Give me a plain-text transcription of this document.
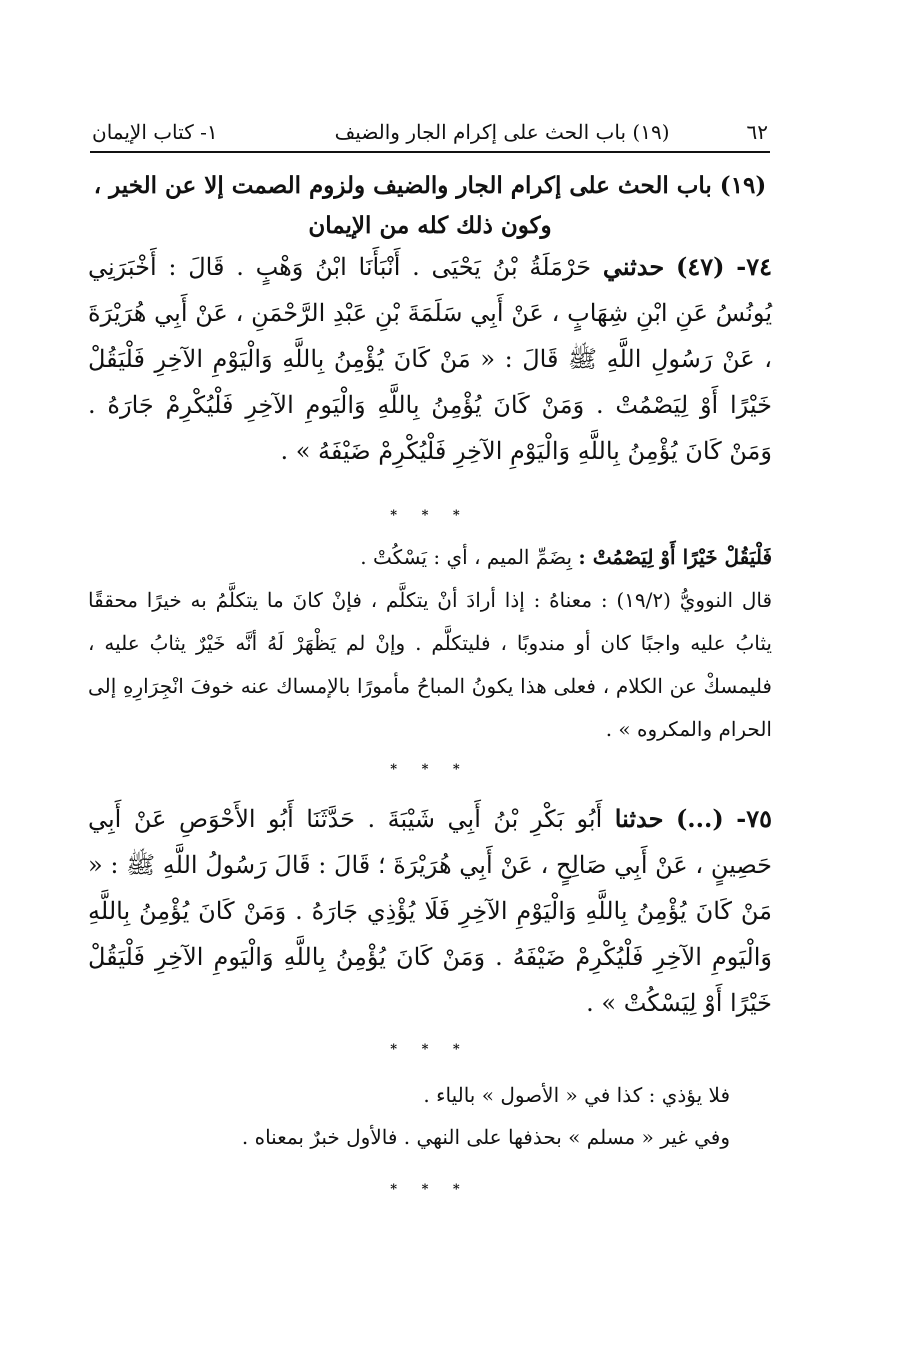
٦٢
(١٩) باب الحث على إكرام الجار والضيف
١- كتاب الإيمان
(١٩) باب الحث على إكرام الجار والضيف ولزوم الصمت إلا عن الخير ،
وكون ذلك كله من الإيمان
٧٤- (٤٧) حدثني حَرْمَلَةُ بْنُ يَحْيَى . أَنْبَأَنَا ابْنُ وَهْبٍ . قَالَ : أَخْبَرَنِي يُونُسُ عَنِ ابْنِ شِهَابٍ ، عَنْ أَبِي سَلَمَةَ بْنِ عَبْدِ الرَّحْمَنِ ، عَنْ أَبِي هُرَيْرَةَ ، عَنْ رَسُولِ اللَّهِ ﷺ قَالَ : « مَنْ كَانَ يُؤْمِنُ بِاللَّهِ وَالْيَوْمِ الآخِرِ فَلْيَقُلْ خَيْرًا أَوْ لِيَصْمُتْ . وَمَنْ كَانَ يُؤْمِنُ بِاللَّهِ وَالْيَومِ الآخِرِ فَلْيُكْرِمْ جَارَهُ . وَمَنْ كَانَ يُؤْمِنُ بِاللَّهِ وَالْيَوْمِ الآخِرِ فَلْيُكْرِمْ ضَيْفَهُ » .
* * *
فَلْيَقُلْ خَيْرًا أَوْ لِيَصْمُتْ : بِضَمِّ الميم ، أي : يَسْكُتْ .
قال النوويُّ (١٩/٢) : معناهُ : إذا أرادَ أنْ يتكلَّم ، فإنْ كانَ ما يتكلَّمُ به خيرًا محققًا يثابُ عليه واجبًا كان أو مندوبًا ، فليتكلَّم . وإنْ لم يَظْهَرْ لَهُ أنَّه خَيْرٌ يثابُ عليه ، فليمسكْ عن الكلام ، فعلى هذا يكونُ المباحُ مأمورًا بالإمساك عنه خوفَ انْجِرَارِهِ إلى الحرام والمكروه » .
* * *
٧٥- (...) حدثنا أَبُو بَكْرِ بْنُ أَبِي شَيْبَةَ . حَدَّثَنَا أَبُو الأَحْوَصِ عَنْ أَبِي حَصِينٍ ، عَنْ أَبِي صَالِحٍ ، عَنْ أَبِي هُرَيْرَةَ ؛ قَالَ : قَالَ رَسُولُ اللَّهِ ﷺ : « مَنْ كَانَ يُؤْمِنُ بِاللَّهِ وَالْيَوْمِ الآخِرِ فَلَا يُؤْذِي جَارَهُ . وَمَنْ كَانَ يُؤْمِنُ بِاللَّهِ وَالْيَومِ الآخِرِ فَلْيُكْرِمْ ضَيْفَهُ . وَمَنْ كَانَ يُؤْمِنُ بِاللَّهِ وَالْيَومِ الآخِرِ فَلْيَقُلْ خَيْرًا أَوْ لِيَسْكُتْ » .
* * *
فلا يؤذي : كذا في « الأصول » بالياء .
وفي غير « مسلم » بحذفها على النهي . فالأول خبرٌ بمعناه .
* * *
